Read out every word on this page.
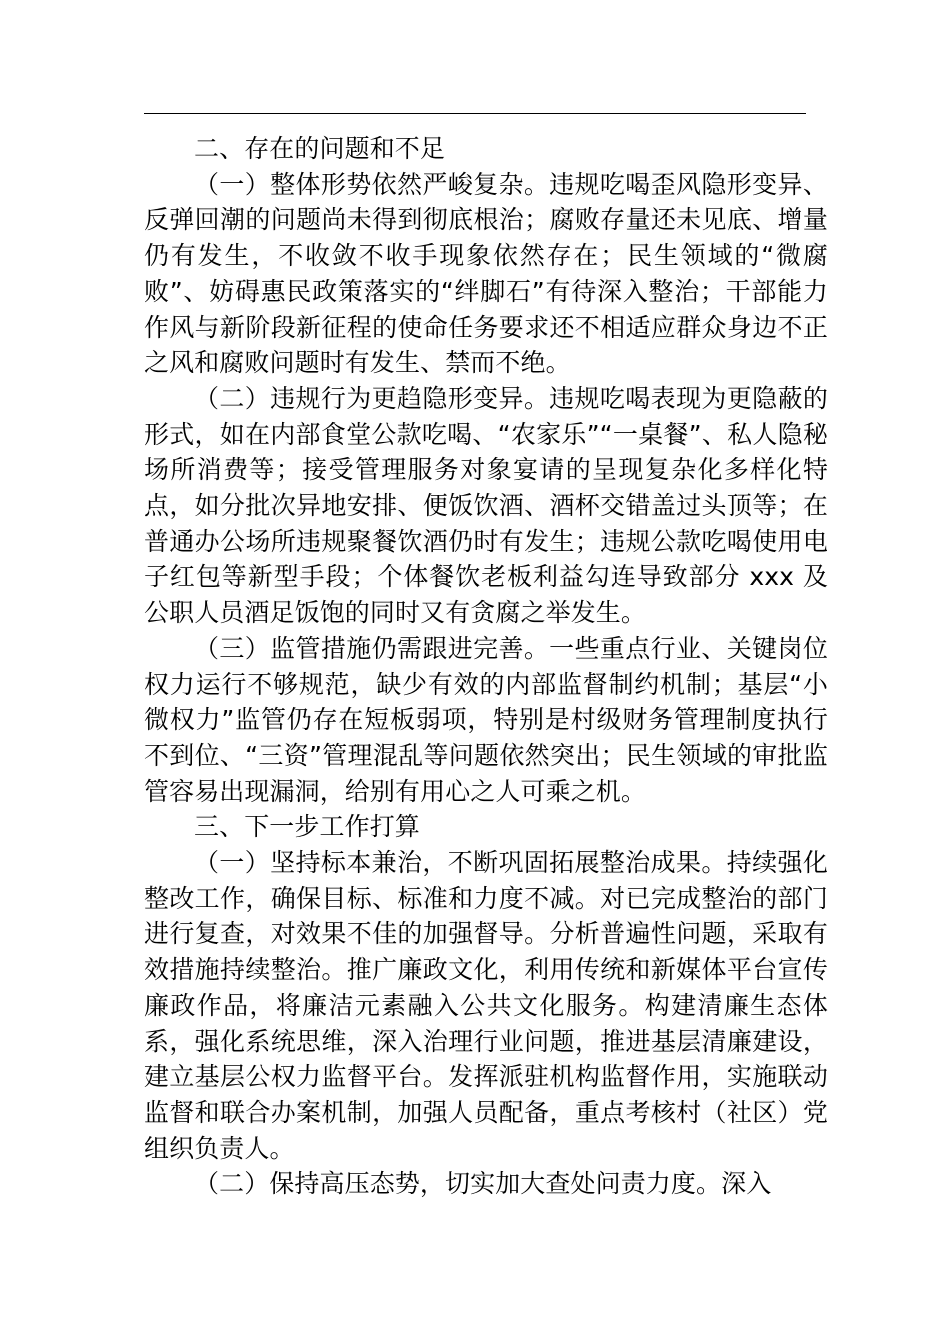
二、存在的问题和不足

（一）整体形势依然严峻复杂。违规吃喝歪风隐形变异、反弹回潮的问题尚未得到彻底根治；腐败存量还未见底、增量仍有发生，不收敛不收手现象依然存在；民生领域的“微腐败”、妨碍惠民政策落实的“绊脚石”有待深入整治；干部能力作风与新阶段新征程的使命任务要求还不相适应群众身边不正之风和腐败问题时有发生、禁而不绝。

（二）违规行为更趋隐形变异。违规吃喝表现为更隐蔽的形式，如在内部食堂公款吃喝、“农家乐”“一桌餐”、私人隐秘场所消费等；接受管理服务对象宴请的呈现复杂化多样化特点，如分批次异地安排、便饭饮酒、酒杯交错盖过头顶等；在普通办公场所违规聚餐饮酒仍时有发生；违规公款吃喝使用电子红包等新型手段；个体餐饮老板利益勾连导致部分 xxx 及公职人员酒足饭饱的同时又有贪腐之举发生。

（三）监管措施仍需跟进完善。一些重点行业、关键岗位权力运行不够规范，缺少有效的内部监督制约机制；基层“小微权力”监管仍存在短板弱项，特别是村级财务管理制度执行不到位、“三资”管理混乱等问题依然突出；民生领域的审批监管容易出现漏洞，给别有用心之人可乘之机。

三、下一步工作打算

（一）坚持标本兼治，不断巩固拓展整治成果。持续强化整改工作，确保目标、标准和力度不减。对已完成整治的部门进行复查，对效果不佳的加强督导。分析普遍性问题，采取有效措施持续整治。推广廉政文化，利用传统和新媒体平台宣传廉政作品，将廉洁元素融入公共文化服务。构建清廉生态体系，强化系统思维，深入治理行业问题，推进基层清廉建设，建立基层公权力监督平台。发挥派驻机构监督作用，实施联动监督和联合办案机制，加强人员配备，重点考核村（社区）党组织负责人。

（二）保持高压态势，切实加大查处问责力度。深入
